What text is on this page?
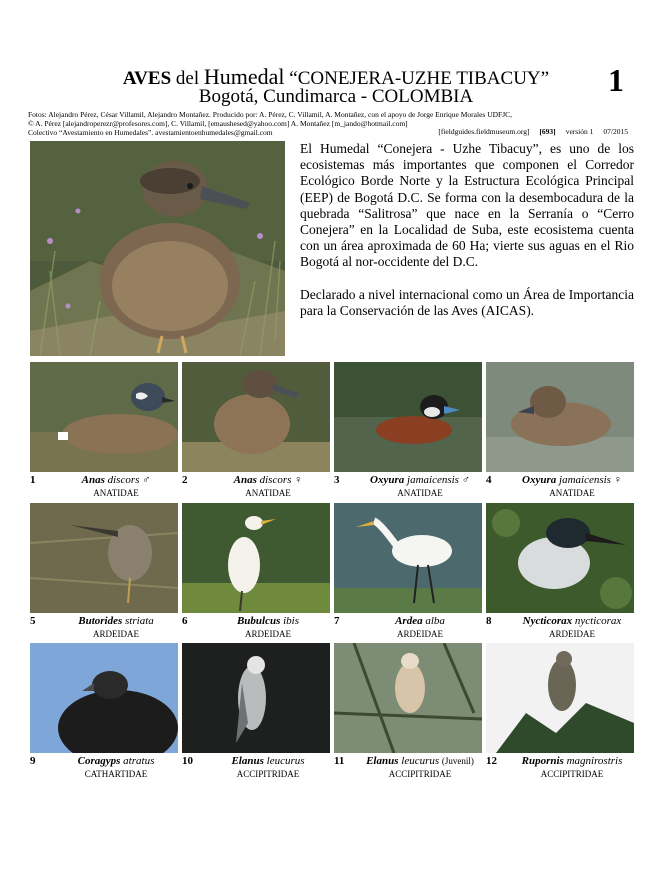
AVES del Humedal “CONEJERA-UZHE TIBACUY”
Bogotá, Cundimarca - COLOMBIA	1
Fotos: Alejandro Pérez, César Villamil, Alejandro Montañez. Producido por: A. Pérez, C. Villamil, A. Montañez, con el apoyo de Jorge Enrique Morales UDFJC,
© A. Pérez [alejandroperezr@profesores.com], C. Villamil, [emaushesed@yahoo.com] A. Montañez [m_jando@hotmail.com]
Colectivo “Avestamiento en Humedales”. avestamientoenhumedales@gmail.com	[fieldguides.fieldmuseum.org] [693] versión 1 07/2015

El Humedal “Conejera - Uzhe Tibacuy”, es uno de los ecosistemas más importantes que componen el Corredor Ecológico Borde Norte y la Estructura Ecológica Principal (EEP) de Bogotá D.C. Se forma con la desembocadura de la quebrada “Salitrosa” que nace en la Serranía o “Cerro Conejera” en la Localidad de Suba, este ecosistema cuenta con un área aproximada de 60 Ha; vierte sus aguas en el Rio Bogotá al nor-occidente del D.C.

Declarado a nivel internacional como un Área de Importancia para la Conservación de las Aves (AICAS).

1	Anas discors ♂
ANATIDAE
2	Anas discors ♀
ANATIDAE
3	Oxyura jamaicensis ♂
ANATIDAE
4	Oxyura jamaicensis ♀
ANATIDAE
5	Butorides striata
ARDEIDAE
6	Bubulcus ibis
ARDEIDAE
7	Ardea alba
ARDEIDAE
8	Nycticorax nycticorax
ARDEIDAE
9	Coragyps atratus
CATHARTIDAE
10	Elanus leucurus
ACCIPITRIDAE
11	Elanus leucurus (Juvenil)
ACCIPITRIDAE
12	Rupornis magnirostris
ACCIPITRIDAE
